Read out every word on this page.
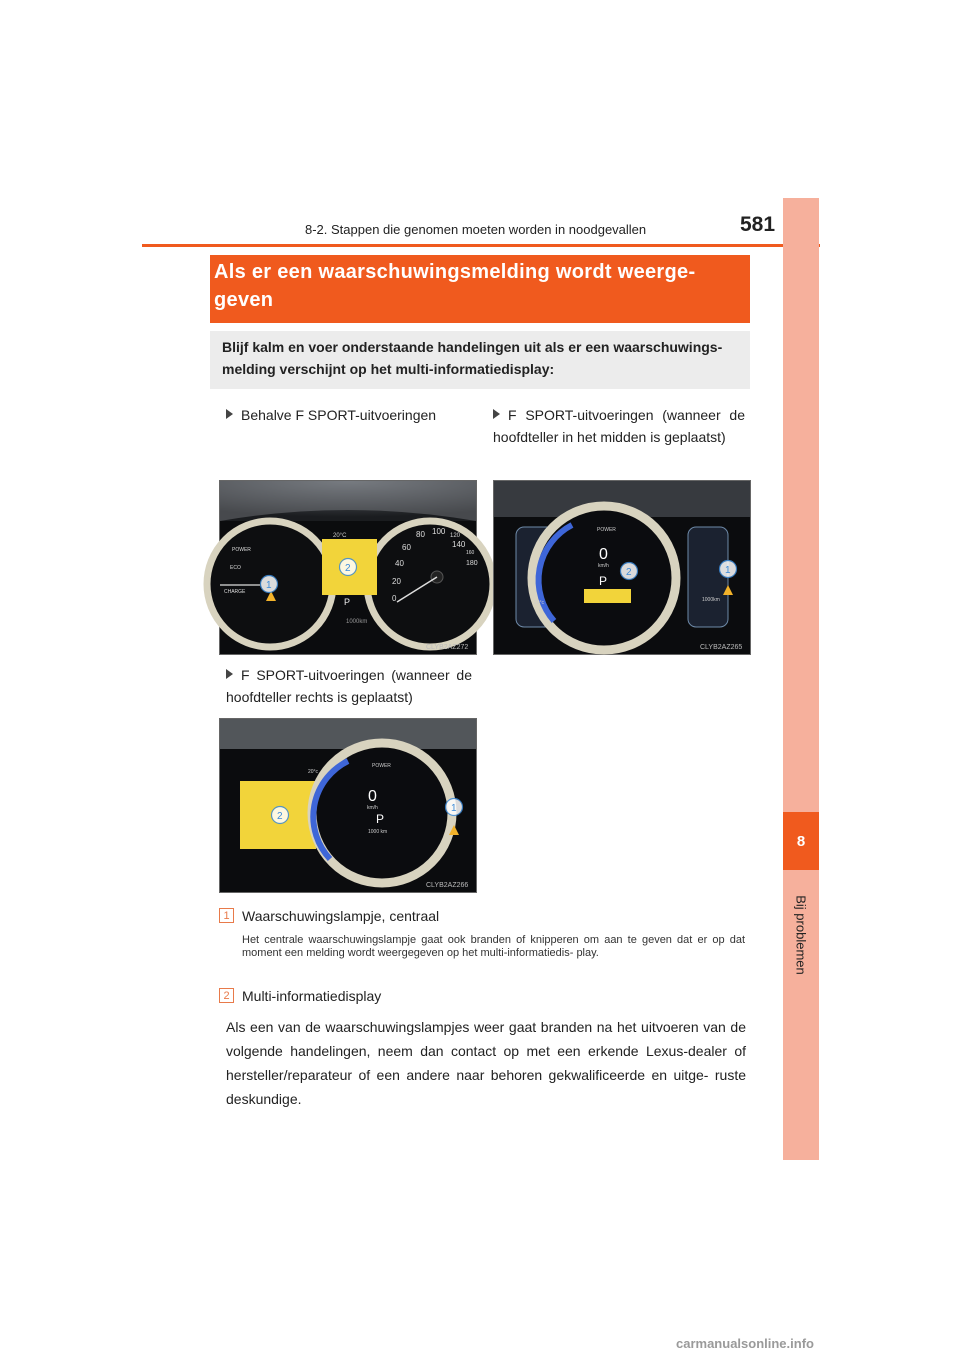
8-2. Stappen die genomen moeten worden in noodgevallen	581
8
Bij problemen
Als er een waarschuwingsmelding wordt weerge- geven
Blijf kalm en voer onderstaande handelingen uit als er een waarschuwings- melding verschijnt op het multi-informatiedisplay:
Behalve F SPORT-uitvoeringen	F SPORT-uitvoeringen (wanneer de hoofdteller in het midden is geplaatst)
F SPORT-uitvoeringen (wanneer de hoofdteller rechts is geplaatst)
20°C
P
POWER
ECO
CHARGE
0
20
40
60
80 100 120
140
160
180
1000km
1
2
CLYB2AZ272
POWER
0
km/h
P
20°c	1000km
2	1
CLYB2AZ265
20°c
POWER
0
km/h
P
1000 km
2
1
CLYB2AZ266
1 Waarschuwingslampje, centraal
Het centrale waarschuwingslampje gaat ook branden of knipperen om aan te geven dat er op dat moment een melding wordt weergegeven op het multi-informatiedis- play.
2 Multi-informatiedisplay
Als een van de waarschuwingslampjes weer gaat branden na het uitvoeren van de volgende handelingen, neem dan contact op met een erkende Lexus-dealer of hersteller/reparateur of een andere naar behoren gekwalificeerde en uitge- ruste deskundige.
carmanualsonline.info
